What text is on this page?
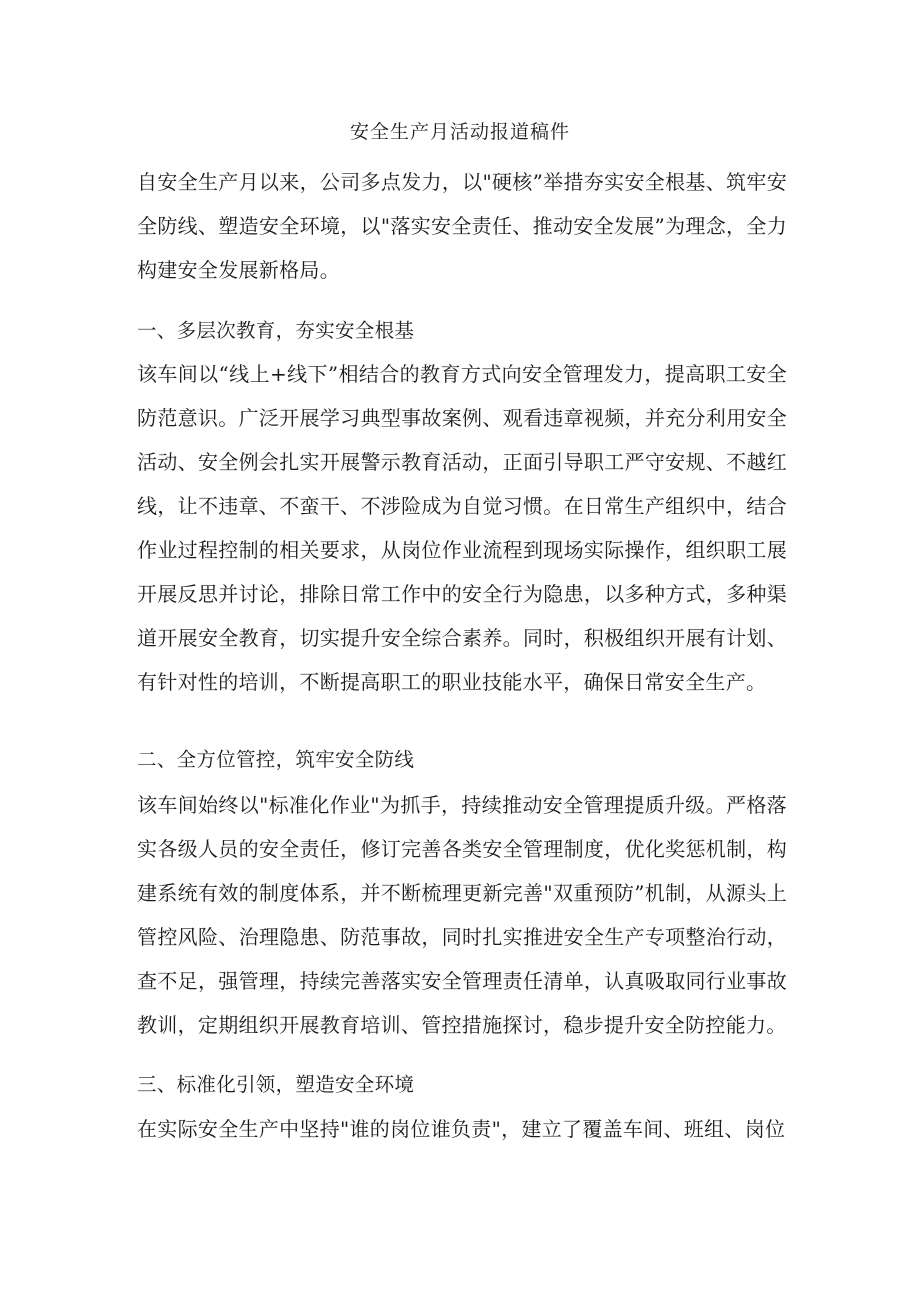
安全生产月活动报道稿件

自安全生产月以来，公司多点发力，以"硬核”举措夯实安全根基、筑牢安全防线、塑造安全环境，以"落实安全责任、推动安全发展”为理念，全力构建安全发展新格局。

一、多层次教育，夯实安全根基

该车间以“线上+线下”相结合的教育方式向安全管理发力，提高职工安全防范意识。广泛开展学习典型事故案例、观看违章视频，并充分利用安全活动、安全例会扎实开展警示教育活动，正面引导职工严守安规、不越红线，让不违章、不蛮干、不涉险成为自觉习惯。在日常生产组织中，结合作业过程控制的相关要求，从岗位作业流程到现场实际操作，组织职工展开展反思并讨论，排除日常工作中的安全行为隐患，以多种方式，多种渠道开展安全教育，切实提升安全综合素养。同时，积极组织开展有计划、有针对性的培训，不断提高职工的职业技能水平，确保日常安全生产。

二、全方位管控，筑牢安全防线

该车间始终以"标准化作业"为抓手，持续推动安全管理提质升级。严格落实各级人员的安全责任，修订完善各类安全管理制度，优化奖惩机制，构建系统有效的制度体系，并不断梳理更新完善"双重预防”机制，从源头上管控风险、治理隐患、防范事故，同时扎实推进安全生产专项整治行动，查不足，强管理，持续完善落实安全管理责任清单，认真吸取同行业事故教训，定期组织开展教育培训、管控措施探讨，稳步提升安全防控能力。

三、标准化引领，塑造安全环境

在实际安全生产中坚持"谁的岗位谁负责"，建立了覆盖车间、班组、岗位
